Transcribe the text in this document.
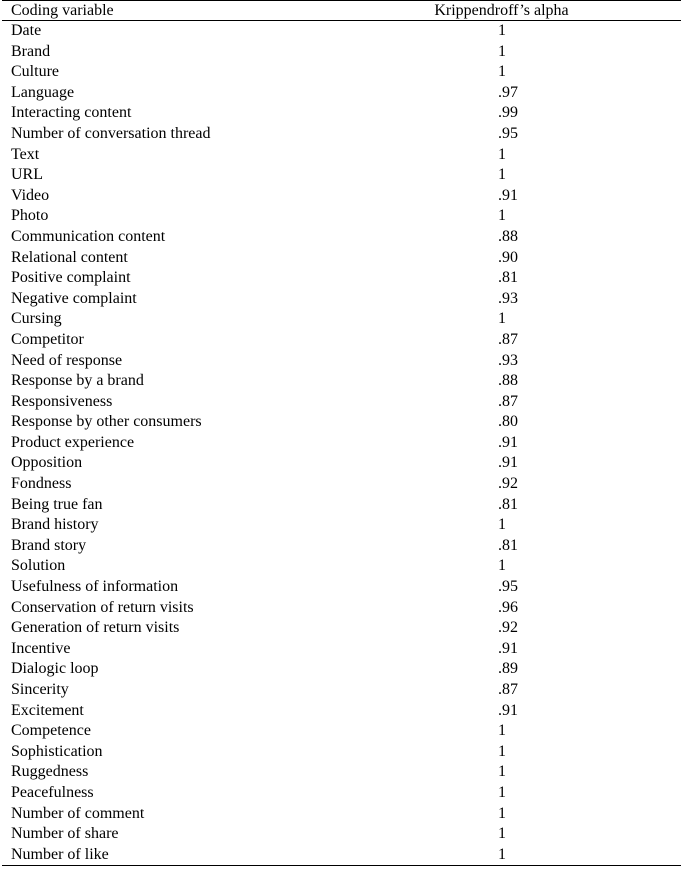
Coding variable	Krippendroff’s alpha
Date	1
Brand	1
Culture	1
Language	.97
Interacting content	.99
Number of conversation thread	.95
Text	1
URL	1
Video	.91
Photo	1
Communication content	.88
Relational content	.90
Positive complaint	.81
Negative complaint	.93
Cursing	1
Competitor	.87
Need of response	.93
Response by a brand	.88
Responsiveness	.87
Response by other consumers	.80
Product experience	.91
Opposition	.91
Fondness	.92
Being true fan	.81
Brand history	1
Brand story	.81
Solution	1
Usefulness of information	.95
Conservation of return visits	.96
Generation of return visits	.92
Incentive	.91
Dialogic loop	.89
Sincerity	.87
Excitement	.91
Competence	1
Sophistication	1
Ruggedness	1
Peacefulness	1
Number of comment	1
Number of share	1
Number of like	1
